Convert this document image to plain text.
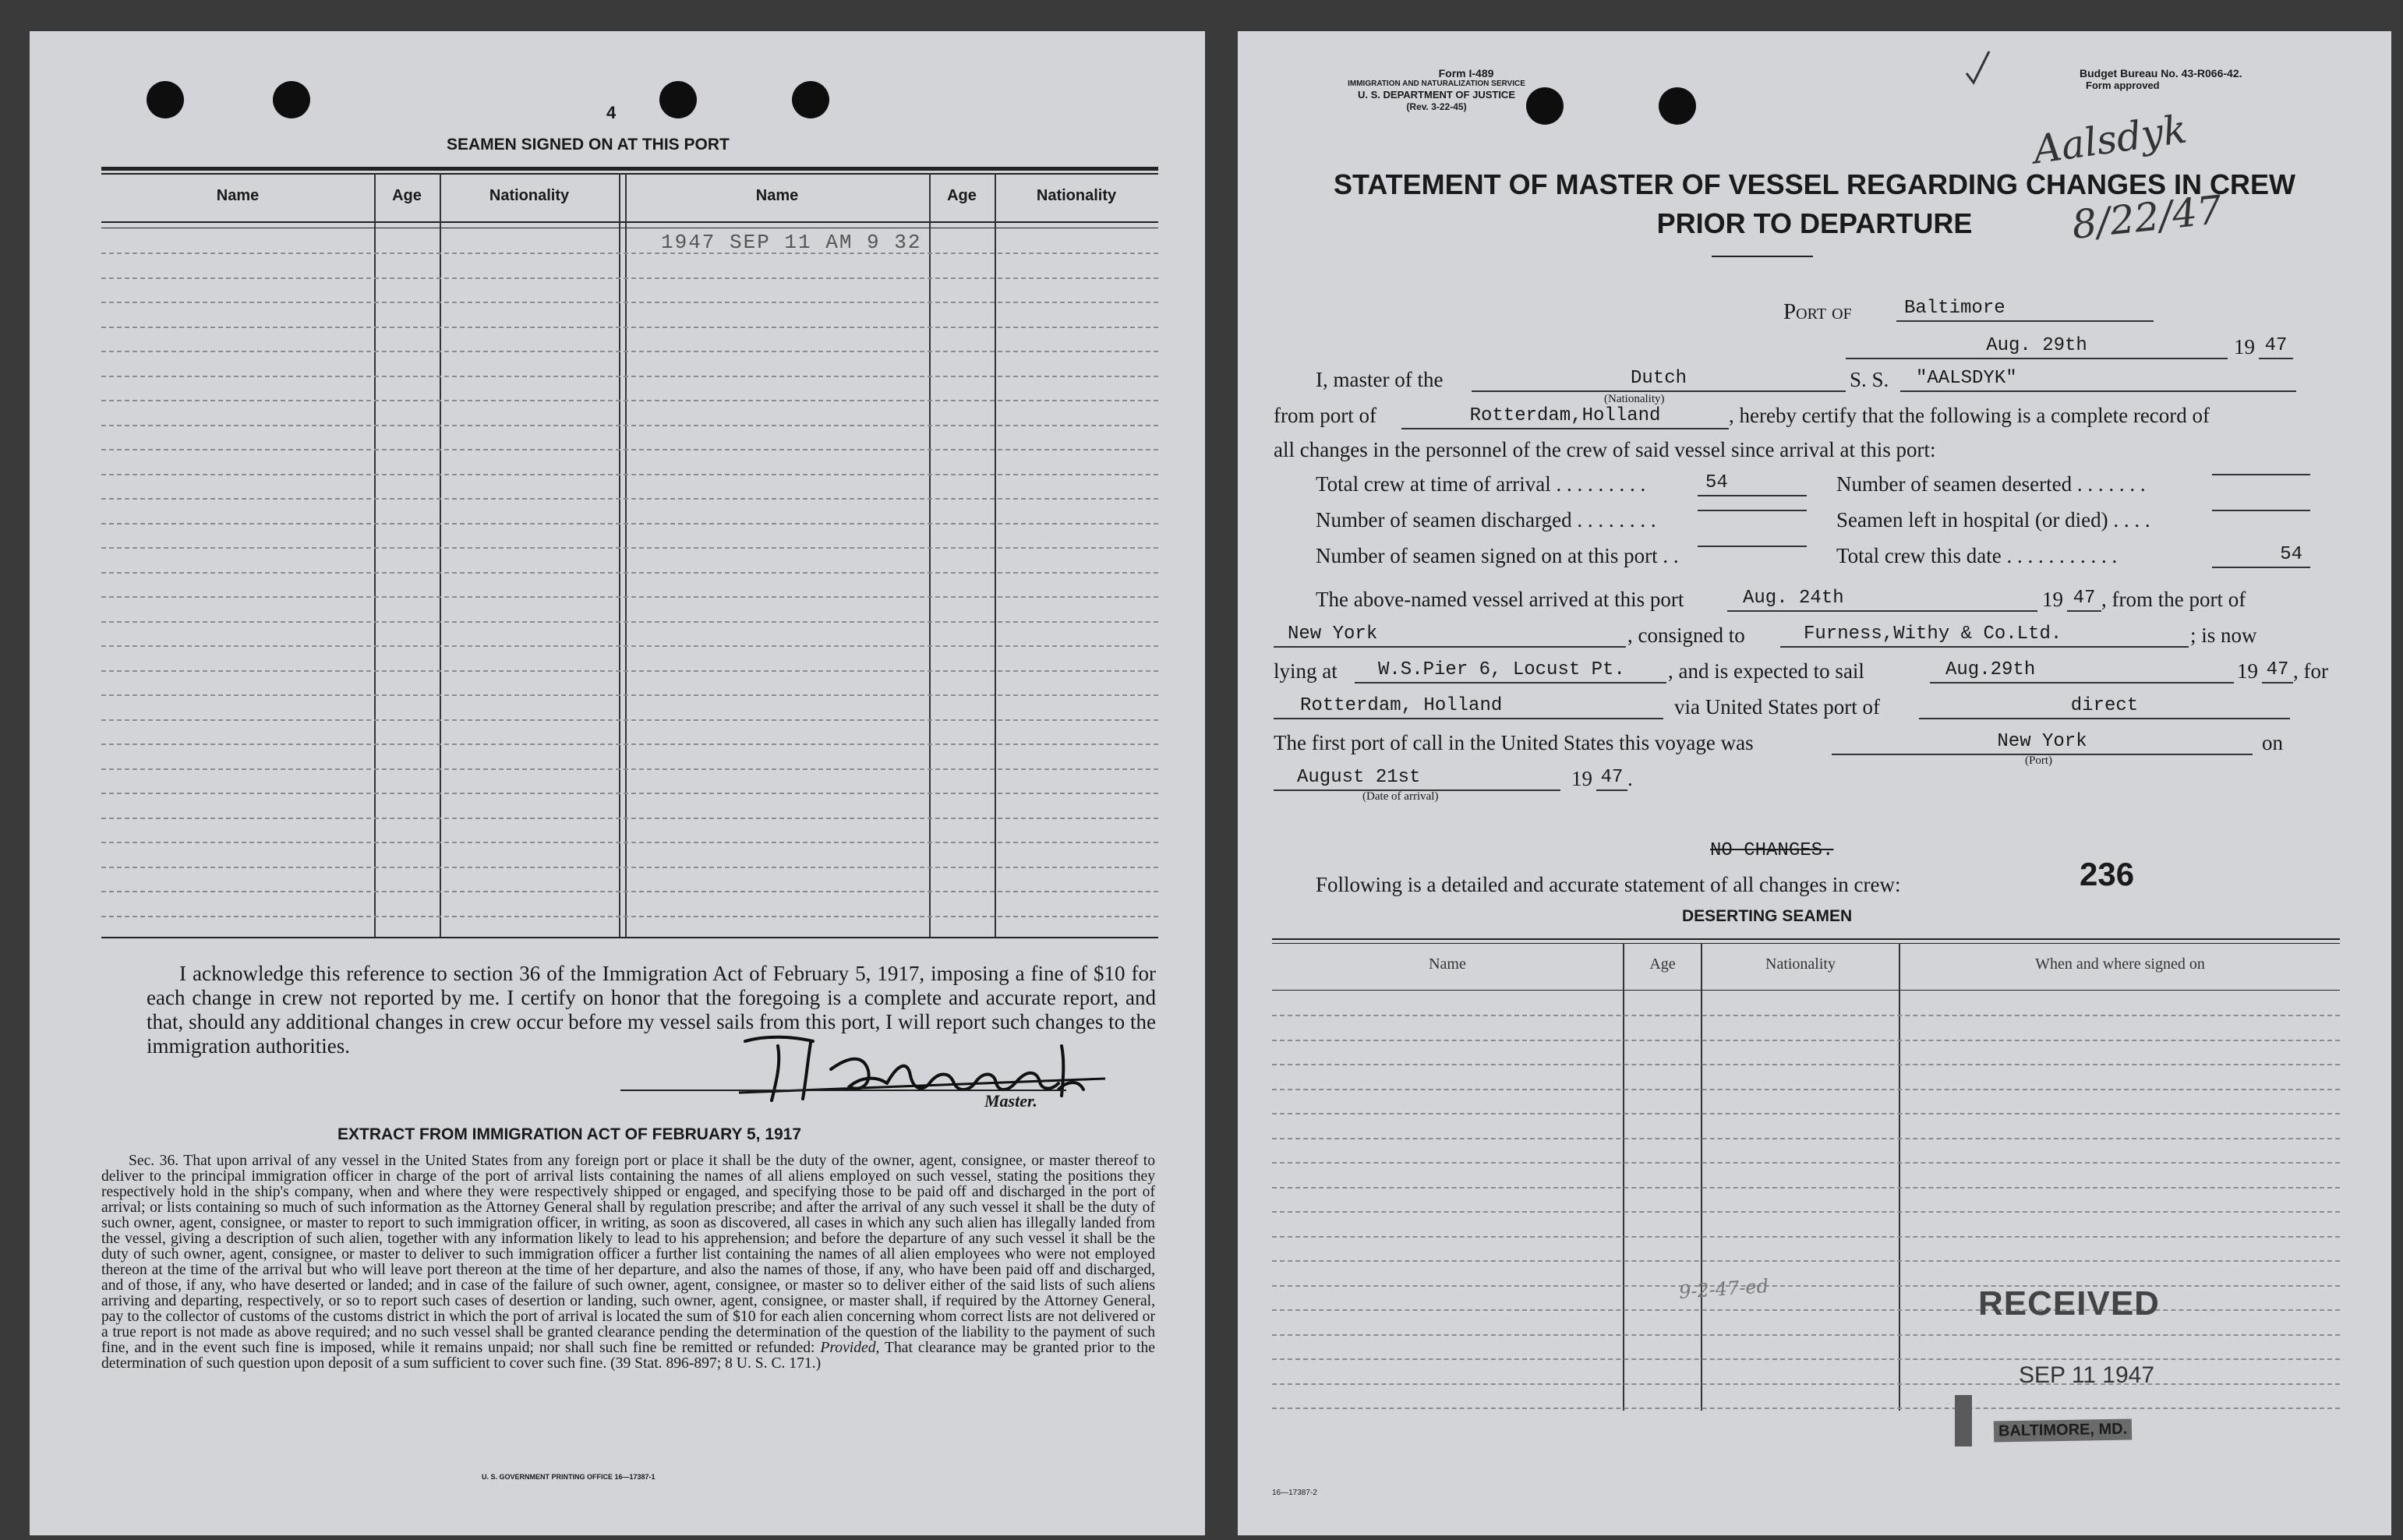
4
SEAMEN SIGNED ON AT THIS PORT
Name	Age	Nationality	Name	Age	Nationality
1947 SEP 11 AM 9 32
I acknowledge this reference to section 36 of the Immigration Act of February 5, 1917, imposing a fine of $10 for each change in crew not reported by me. I certify on honor that the foregoing is a complete and accurate report, and that, should any additional changes in crew occur before my vessel sails from this port, I will report such changes to the immigration authorities.
Master.
EXTRACT FROM IMMIGRATION ACT OF FEBRUARY 5, 1917
Sec. 36. That upon arrival of any vessel in the United States from any foreign port or place it shall be the duty of the owner, agent, consignee, or master thereof to deliver to the principal immigration officer in charge of the port of arrival lists containing the names of all aliens employed on such vessel, stating the positions they respectively hold in the ship's company, when and where they were respectively shipped or engaged, and specifying those to be paid off and discharged in the port of arrival; or lists containing so much of such information as the Attorney General shall by regulation prescribe; and after the arrival of any such vessel it shall be the duty of such owner, agent, consignee, or master to report to such immigration officer, in writing, as soon as discovered, all cases in which any such alien has illegally landed from the vessel, giving a description of such alien, together with any information likely to lead to his apprehension; and before the departure of any such vessel it shall be the duty of such owner, agent, consignee, or master to deliver to such immigration officer a further list containing the names of all alien employees who were not employed thereon at the time of the arrival but who will leave port thereon at the time of her departure, and also the names of those, if any, who have been paid off and discharged, and of those, if any, who have deserted or landed; and in case of the failure of such owner, agent, consignee, or master so to deliver either of the said lists of such aliens arriving and departing, respectively, or so to report such cases of desertion or landing, such owner, agent, consignee, or master shall, if required by the Attorney General, pay to the collector of customs of the customs district in which the port of arrival is located the sum of $10 for each alien concerning whom correct lists are not delivered or a true report is not made as above required; and no such vessel shall be granted clearance pending the determination of the question of the liability to the payment of such fine, and in the event such fine is imposed, while it remains unpaid; nor shall such fine be remitted or refunded: Provided, That clearance may be granted prior to the determination of such question upon deposit of a sum sufficient to cover such fine. (39 Stat. 896-897; 8 U. S. C. 171.)
U. S. GOVERNMENT PRINTING OFFICE 16—17387-1
Form I-489
IMMIGRATION AND NATURALIZATION SERVICE
U. S. DEPARTMENT OF JUSTICE
(Rev. 3-22-45)
Budget Bureau No. 43-R066-42.
Form approved
Aalsdyk
8/22/47
STATEMENT OF MASTER OF VESSEL REGARDING CHANGES IN CREW
PRIOR TO DEPARTURE
Port of	Baltimore
Aug. 29th	19 47
I, master of the	Dutch
(Nationality)
S. S.	"AALSDYK"
from port of	Rotterdam,Holland	, hereby certify that the following is a complete record of
all changes in the personnel of the crew of said vessel since arrival at this port:
Total crew at time of arrival . . . . . . . . .	54	Number of seamen deserted . . . . . . .
Number of seamen discharged . . . . . . . .	Seamen left in hospital (or died) . . . .
Number of seamen signed on at this port . .	Total crew this date . . . . . . . . . . .	54
The above-named vessel arrived at this port	Aug. 24th	19 47 , from the port of
New York	, consigned to	Furness,Withy & Co.Ltd.	; is now
lying at	W.S.Pier 6, Locust Pt.	, and is expected to sail	Aug.29th	19 47 , for
Rotterdam, Holland	via United States port of	direct
The first port of call in the United States this voyage was	New York
(Port)
on
August 21st
(Date of arrival)
19 47 .
NO CHANGES.
Following is a detailed and accurate statement of all changes in crew:	236
DESERTING SEAMEN
Name	Age	Nationality	When and where signed on
9-2-47-ed	RECEIVED
SEP 11 1947
BALTIMORE, MD.
16—17387-2
